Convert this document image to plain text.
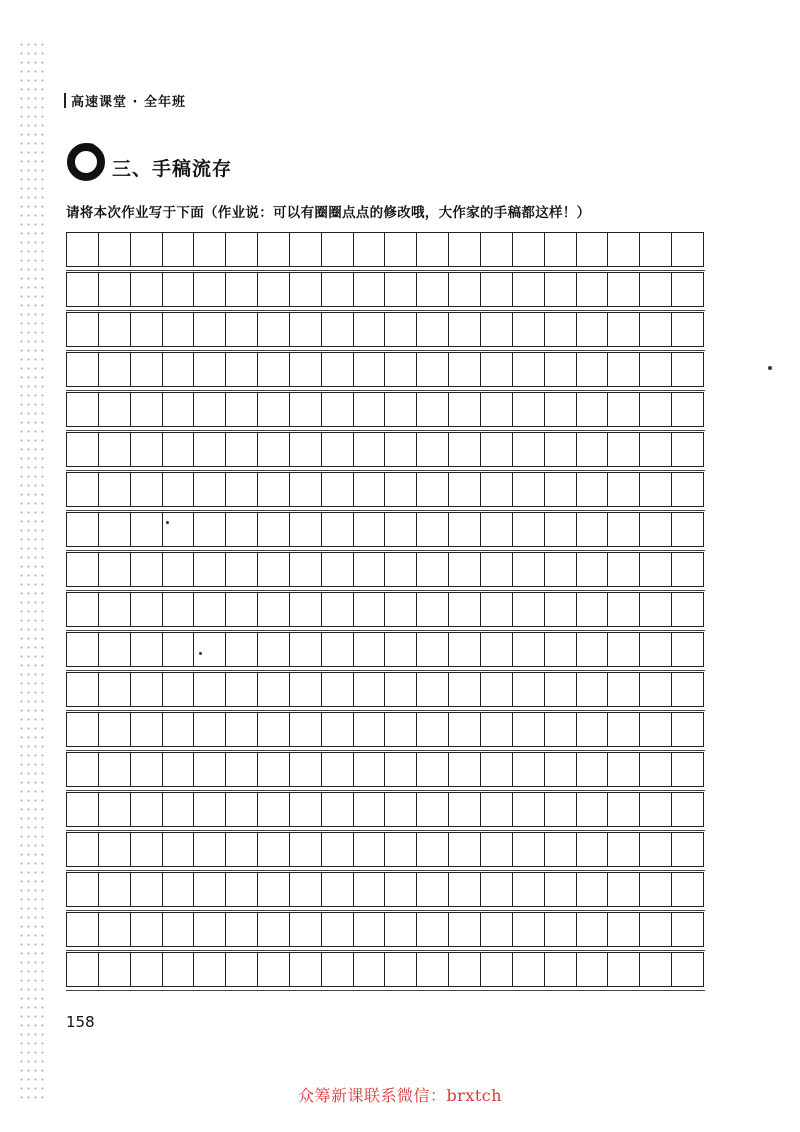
高速课堂 · 全年班
三、手稿流存
请将本次作业写于下面（作业说：可以有圈圈点点的修改哦，大作家的手稿都这样！）
158
众筹新课联系微信：brxtch
